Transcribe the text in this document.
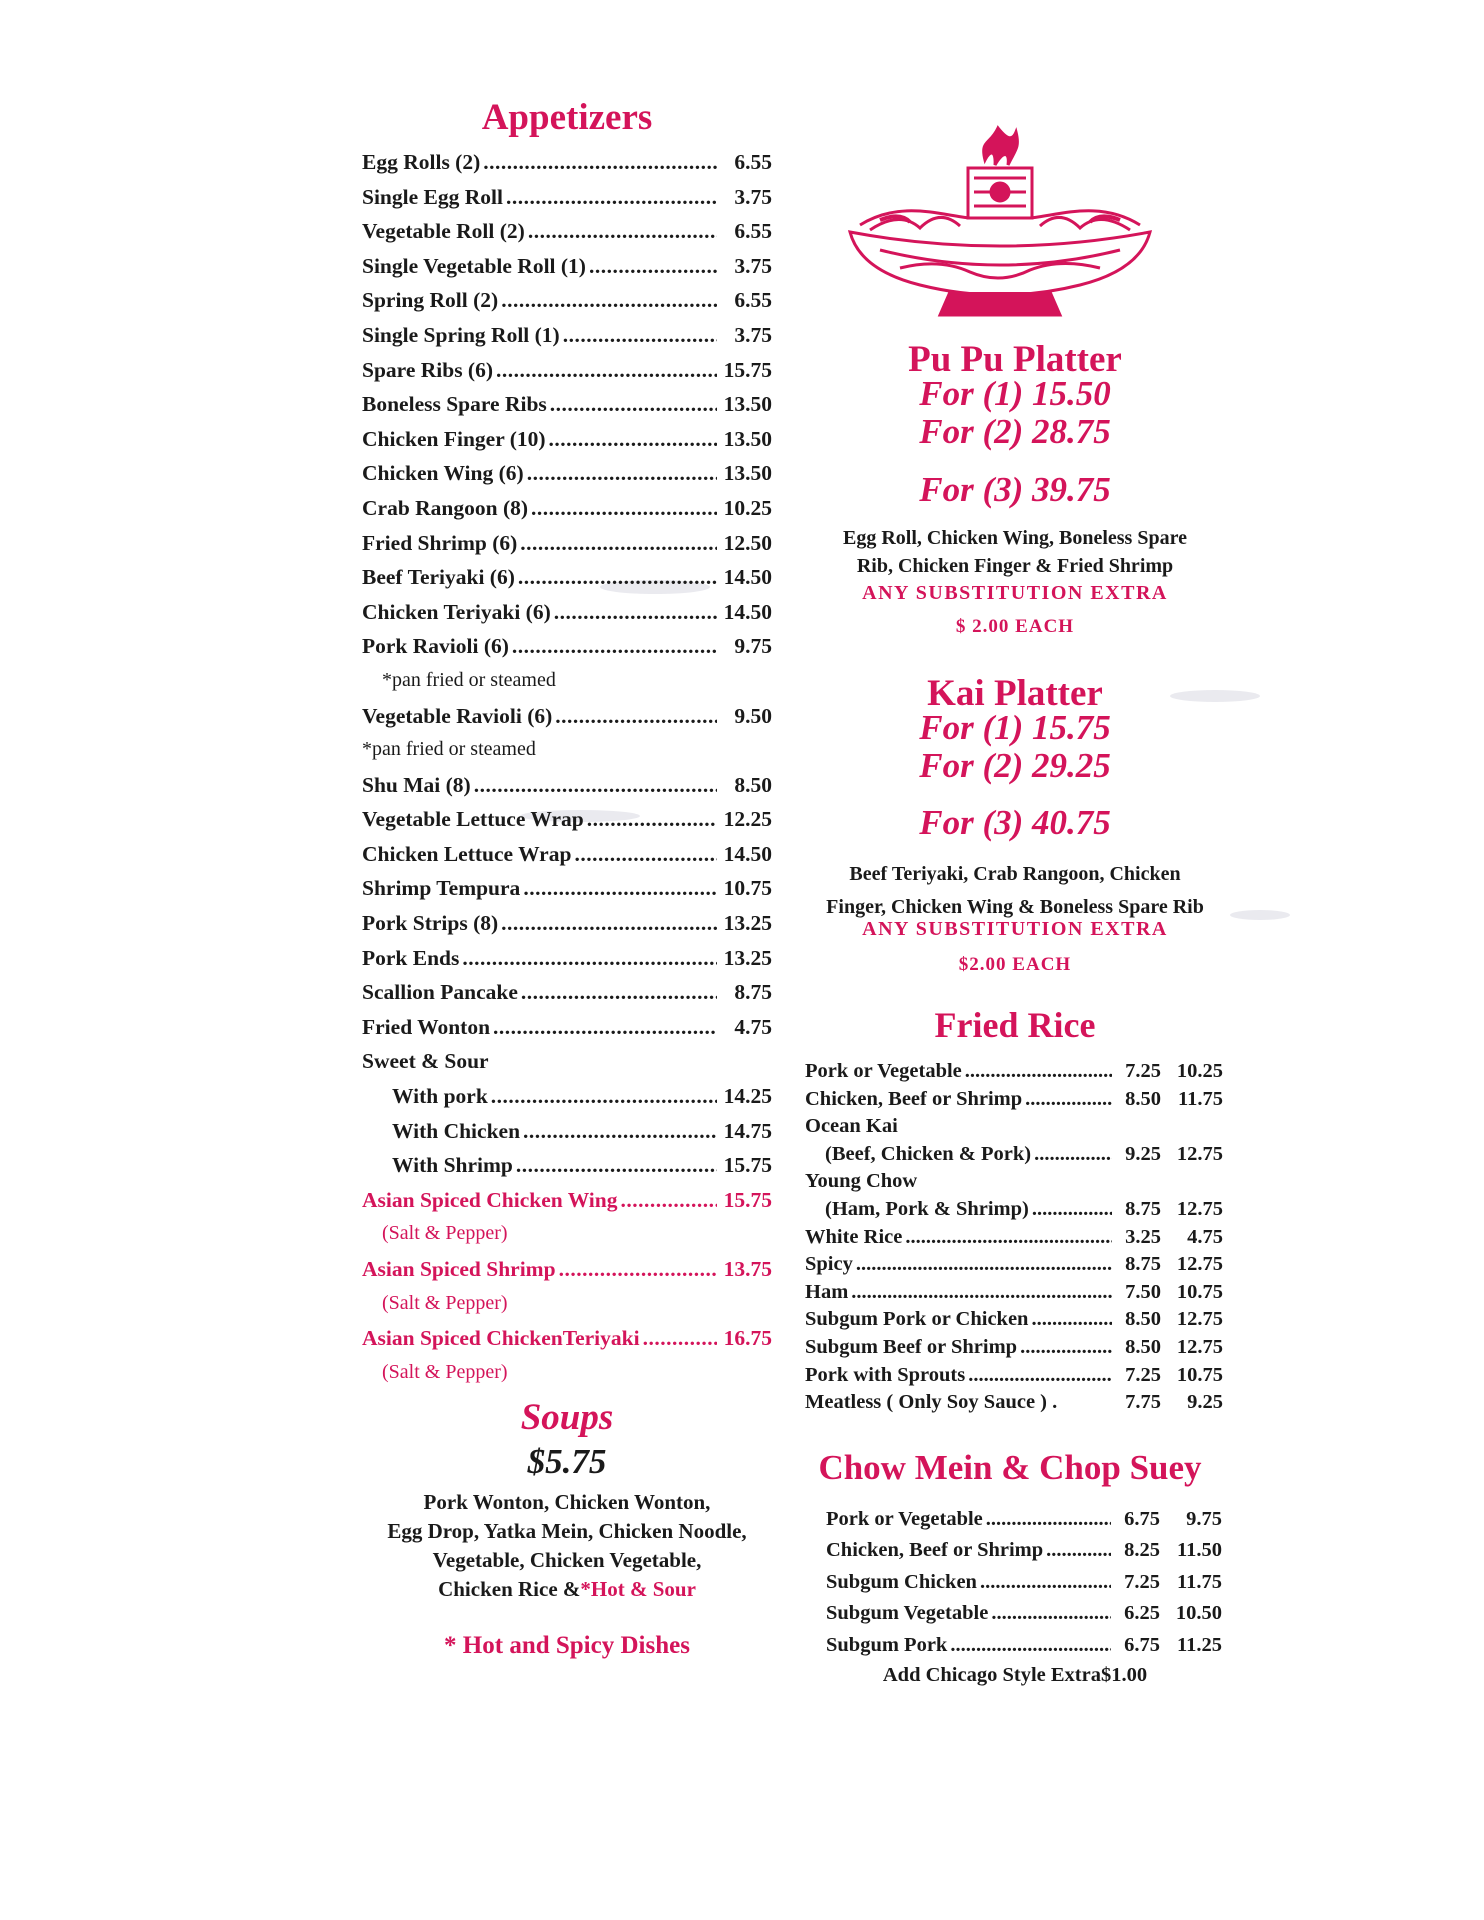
Appetizers
Egg Rolls (2) .....	6.55
Single Egg Roll .....	3.75
Vegetable Roll (2) .....	6.55
Single Vegetable Roll (1) .....	3.75
Spring Roll (2) .....	6.55
Single Spring Roll (1) .....	3.75
Spare Ribs (6) .....	15.75
Boneless Spare Ribs .....	13.50
Chicken Finger (10) .....	13.50
Chicken Wing (6) .....	13.50
Crab Rangoon (8) .....	10.25
Fried Shrimp (6) .....	12.50
Beef Teriyaki (6) .....	14.50
Chicken Teriyaki (6) .....	14.50
Pork Ravioli (6) .....	9.75
*pan fried or steamed
Vegetable Ravioli (6) .....	9.50
*pan fried or steamed
Shu Mai (8) .....	8.50
Vegetable Lettuce Wrap .....	12.25
Chicken Lettuce Wrap .....	14.50
Shrimp Tempura .....	10.75
Pork Strips (8) .....	13.25
Pork Ends .....	13.25
Scallion Pancake .....	8.75
Fried Wonton .....	4.75
Sweet & Sour
With pork .....	14.25
With Chicken .....	14.75
With Shrimp .....	15.75
Asian Spiced Chicken Wing .....	15.75
(Salt & Pepper)
Asian Spiced Shrimp .....	13.75
(Salt & Pepper)
Asian Spiced ChickenTeriyaki .....	16.75
(Salt & Pepper)
Soups
$5.75
Pork Wonton, Chicken Wonton,
Egg Drop, Yatka Mein, Chicken Noodle,
Vegetable, Chicken Vegetable,
Chicken Rice &*Hot & Sour
* Hot and Spicy Dishes
Pu Pu Platter
For (1) 15.50
For (2) 28.75
For (3) 39.75
Egg Roll, Chicken Wing, Boneless Spare
Rib, Chicken Finger & Fried Shrimp
ANY SUBSTITUTION EXTRA
$ 2.00 EACH
Kai Platter
For (1) 15.75
For (2) 29.25
For (3) 40.75
Beef Teriyaki, Crab Rangoon, Chicken
Finger, Chicken Wing & Boneless Spare Rib
ANY SUBSTITUTION EXTRA
$2.00 EACH
Fried Rice
Pork or Vegetable .....	7.25 10.25
Chicken, Beef or Shrimp .....	8.50 11.75
Ocean Kai
(Beef, Chicken & Pork) .....	9.25 12.75
Young Chow
(Ham, Pork & Shrimp) .....	8.75 12.75
White Rice .....	3.25	4.75
Spicy .....	8.75 12.75
Ham .....	7.50 10.75
Subgum Pork or Chicken .....	8.50 12.75
Subgum Beef or Shrimp .....	8.50 12.75
Pork with Sprouts .....	7.25 10.75
Meatless ( Only Soy Sauce ) .	7.75	9.25
Chow Mein & Chop Suey
Pork or Vegetable .....	6.75	9.75
Chicken, Beef or Shrimp .....	8.25 11.50
Subgum Chicken .....	7.25 11.75
Subgum Vegetable .....	6.25 10.50
Subgum Pork .....	6.75 11.25
Add Chicago Style Extra$1.00
